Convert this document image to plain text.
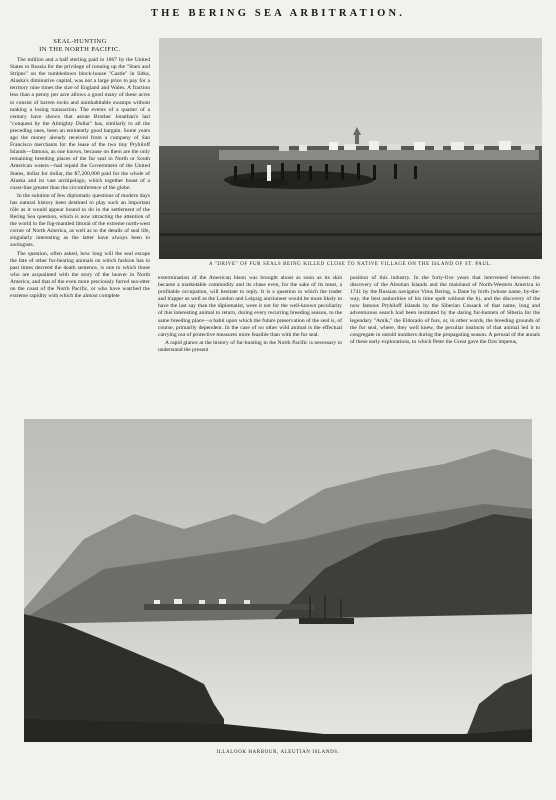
THE BERING SEA ARBITRATION.
SEAL-HUNTING
IN THE NORTH PACIFIC.

The million and a half sterling paid in 1867 by the United States to Russia for the privilege of running up the "Stars and Stripes" on the tumbledown block-house "Castle" in Sitka, Alaska's diminutive capital, was not a large price to pay for a territory nine times the size of England and Wales. A fraction less than a penny per acre allows a good many of these acres to consist of barren rocks and uninhabitable swamps without making a losing transaction. The events of a quarter of a century have shown that astute Brother Jonathan's last "conquest by the Almighty Dollar" has, similarly to all the preceding ones, been an eminently good bargain. Some years ago the money already received from a company of San Francisco merchants for the lease of the two tiny Pryhiloff Islands—famous, as one knows, because on them are the only remaining breeding places of the fur seal in North or South American waters—had repaid the Government of the United States, dollar for dollar, the $7,200,000 paid for the whole of Alaska and its vast archipelago, which together boast of a coast-line greater than the circumference of the globe.

In the solution of few diplomatic questions of modern days has natural history been destined to play such an important rôle as it would appear bound to do in the settlement of the Bering Sea question, which is now attracting the attention of the world to the fog-mantled littoral of the extreme north-west corner of North America, as well as to the details of seal life, singularly interesting as the latter have always been to zoologists.

The question, often asked, how long will the seal escape the fate of other fur-bearing animals on which fashion has in past times decreed the death sentence, is one to which those who are acquainted with the story of the beaver in North America, and that of the even more preciously furred sea-otter on the coast of the North Pacific, or who have watched the extreme rapidity with which the almost complete

A "DRIVE" OF FUR SEALS BEING KILLED CLOSE TO NATIVE VILLAGE ON THE ISLAND OF ST. PAUL.

extermination of the American bison was brought about as soon as its skin became a marketable commodity and its chase even, for the sake of its meat, a profitable occupation, will hesitate to reply. It is a question in which the trader and trapper as well as the London and Leipzig auctioneer would be more likely to have the last say than the diplomatist, were it not for the well-known peculiarity of this interesting animal to return, during every recurring breeding season, to the same breeding place—a habit upon which the future preservation of the seal is, of course, primarily dependent. In the case of no other wild animal is the effectual carrying out of protective measures more feasible than with the fur seal.

A rapid glance at the history of fur-hunting in the North Pacific is necessary to understand the present

position of this industry. In the forty-five years that intervened between the discovery of the Aleutian Islands and the mainland of North-Western America in 1741 by the Russian navigator Vitus Bering, a Dane by birth (whose name, by-the-way, the best authorities of his time spelt without the h), and the discovery of the now famous Pryhiloff Islands by the Siberian Cossack of that name, long and adventurous search had been instituted by the daring fur-hunters of Siberia for the legendary "Amik," the Eldorado of furs, or, in other words, the breeding grounds of the fur seal, where, they well knew, the peculiar instincts of that animal led it to congregate in untold numbers during the propagating season. A perusal of the annals of these early explorations, to which Peter the Great gave the first impetus,

ILLALOOK HARBOUR, ALEUTIAN ISLANDS.
